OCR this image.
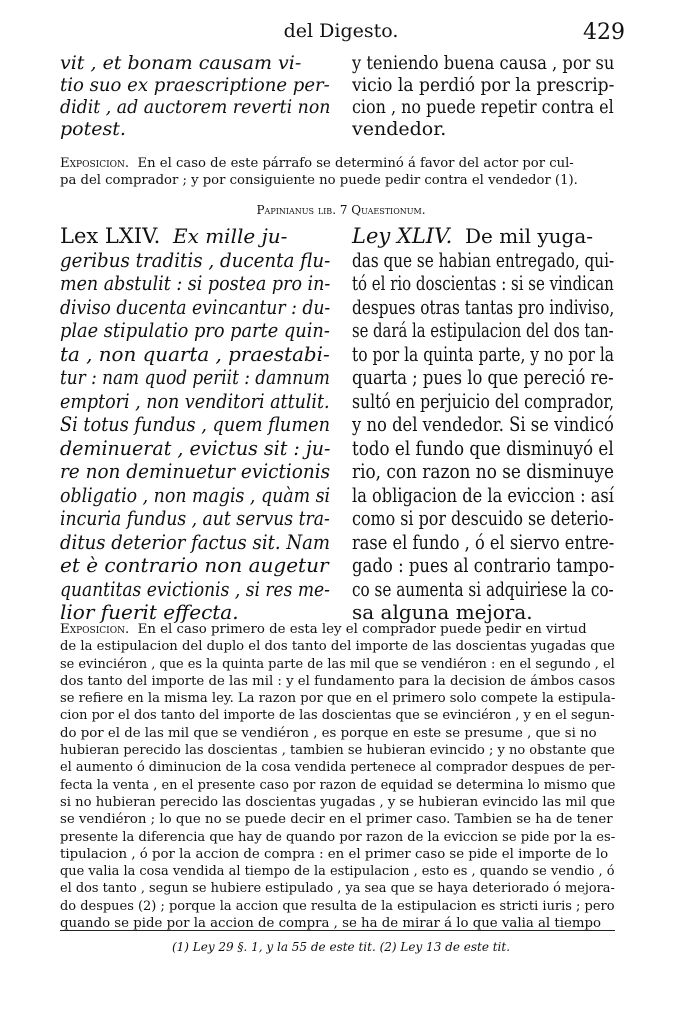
del Digesto.	429
vit , et bonam causam vi-
tio suo ex praescriptione per-
didit , ad auctorem reverti non
potest.
y teniendo buena causa , por su
vicio la perdió por la prescrip-
cion , no puede repetir contra el
vendedor.
Exposicion. En el caso de este párrafo se determinó á favor del actor por cul-
pa del comprador ; y por consiguiente no puede pedir contra el vendedor (1).
Papinianus lib. 7 Quaestionum.
Lex LXIV. Ex mille ju-
geribus traditis , ducenta flu-
men abstulit : si postea pro in-
diviso ducenta evincantur : du-
plae stipulatio pro parte quin-
ta , non quarta , praestabi-
tur : nam quod periit : damnum
emptori , non venditori attulit.
Si totus fundus , quem flumen
deminuerat , evictus sit : ju-
re non deminuetur evictionis
obligatio , non magis , quàm si
incuria fundus , aut servus tra-
ditus deterior factus sit. Nam
et è contrario non augetur
quantitas evictionis , si res me-
lior fuerit effecta.
Ley XLIV. De mil yuga-
das que se habian entregado, qui-
tó el rio doscientas : si se vindican
despues otras tantas pro indiviso,
se dará la estipulacion del dos tan-
to por la quinta parte, y no por la
quarta ; pues lo que pereció re-
sultó en perjuicio del comprador,
y no del vendedor. Si se vindicó
todo el fundo que disminuyó el
rio, con razon no se disminuye
la obligacion de la eviccion : así
como si por descuido se deterio-
rase el fundo , ó el siervo entre-
gado : pues al contrario tampo-
co se aumenta si adquiriese la co-
sa alguna mejora.
Exposicion. En el caso primero de esta ley el comprador puede pedir en virtud
de la estipulacion del duplo el dos tanto del importe de las doscientas yugadas que
se evinciéron , que es la quinta parte de las mil que se vendiéron : en el segundo , el
dos tanto del importe de las mil : y el fundamento para la decision de ámbos casos
se refiere en la misma ley. La razon por que en el primero solo compete la estipula-
cion por el dos tanto del importe de las doscientas que se evinciéron , y en el segun-
do por el de las mil que se vendiéron , es porque en este se presume , que si no
hubieran perecido las doscientas , tambien se hubieran evincido ; y no obstante que
el aumento ó diminucion de la cosa vendida pertenece al comprador despues de per-
fecta la venta , en el presente caso por razon de equidad se determina lo mismo que
si no hubieran perecido las doscientas yugadas , y se hubieran evincido las mil que
se vendiéron ; lo que no se puede decir en el primer caso. Tambien se ha de tener
presente la diferencia que hay de quando por razon de la eviccion se pide por la es-
tipulacion , ó por la accion de compra : en el primer caso se pide el importe de lo
que valia la cosa vendida al tiempo de la estipulacion , esto es , quando se vendio , ó
el dos tanto , segun se hubiere estipulado , ya sea que se haya deteriorado ó mejora-
do despues (2) ; porque la accion que resulta de la estipulacion es stricti iuris ; pero
quando se pide por la accion de compra , se ha de mirar á lo que valia al tiempo
(1) Ley 29 §. 1, y la 55 de este tit. (2) Ley 13 de este tit.
